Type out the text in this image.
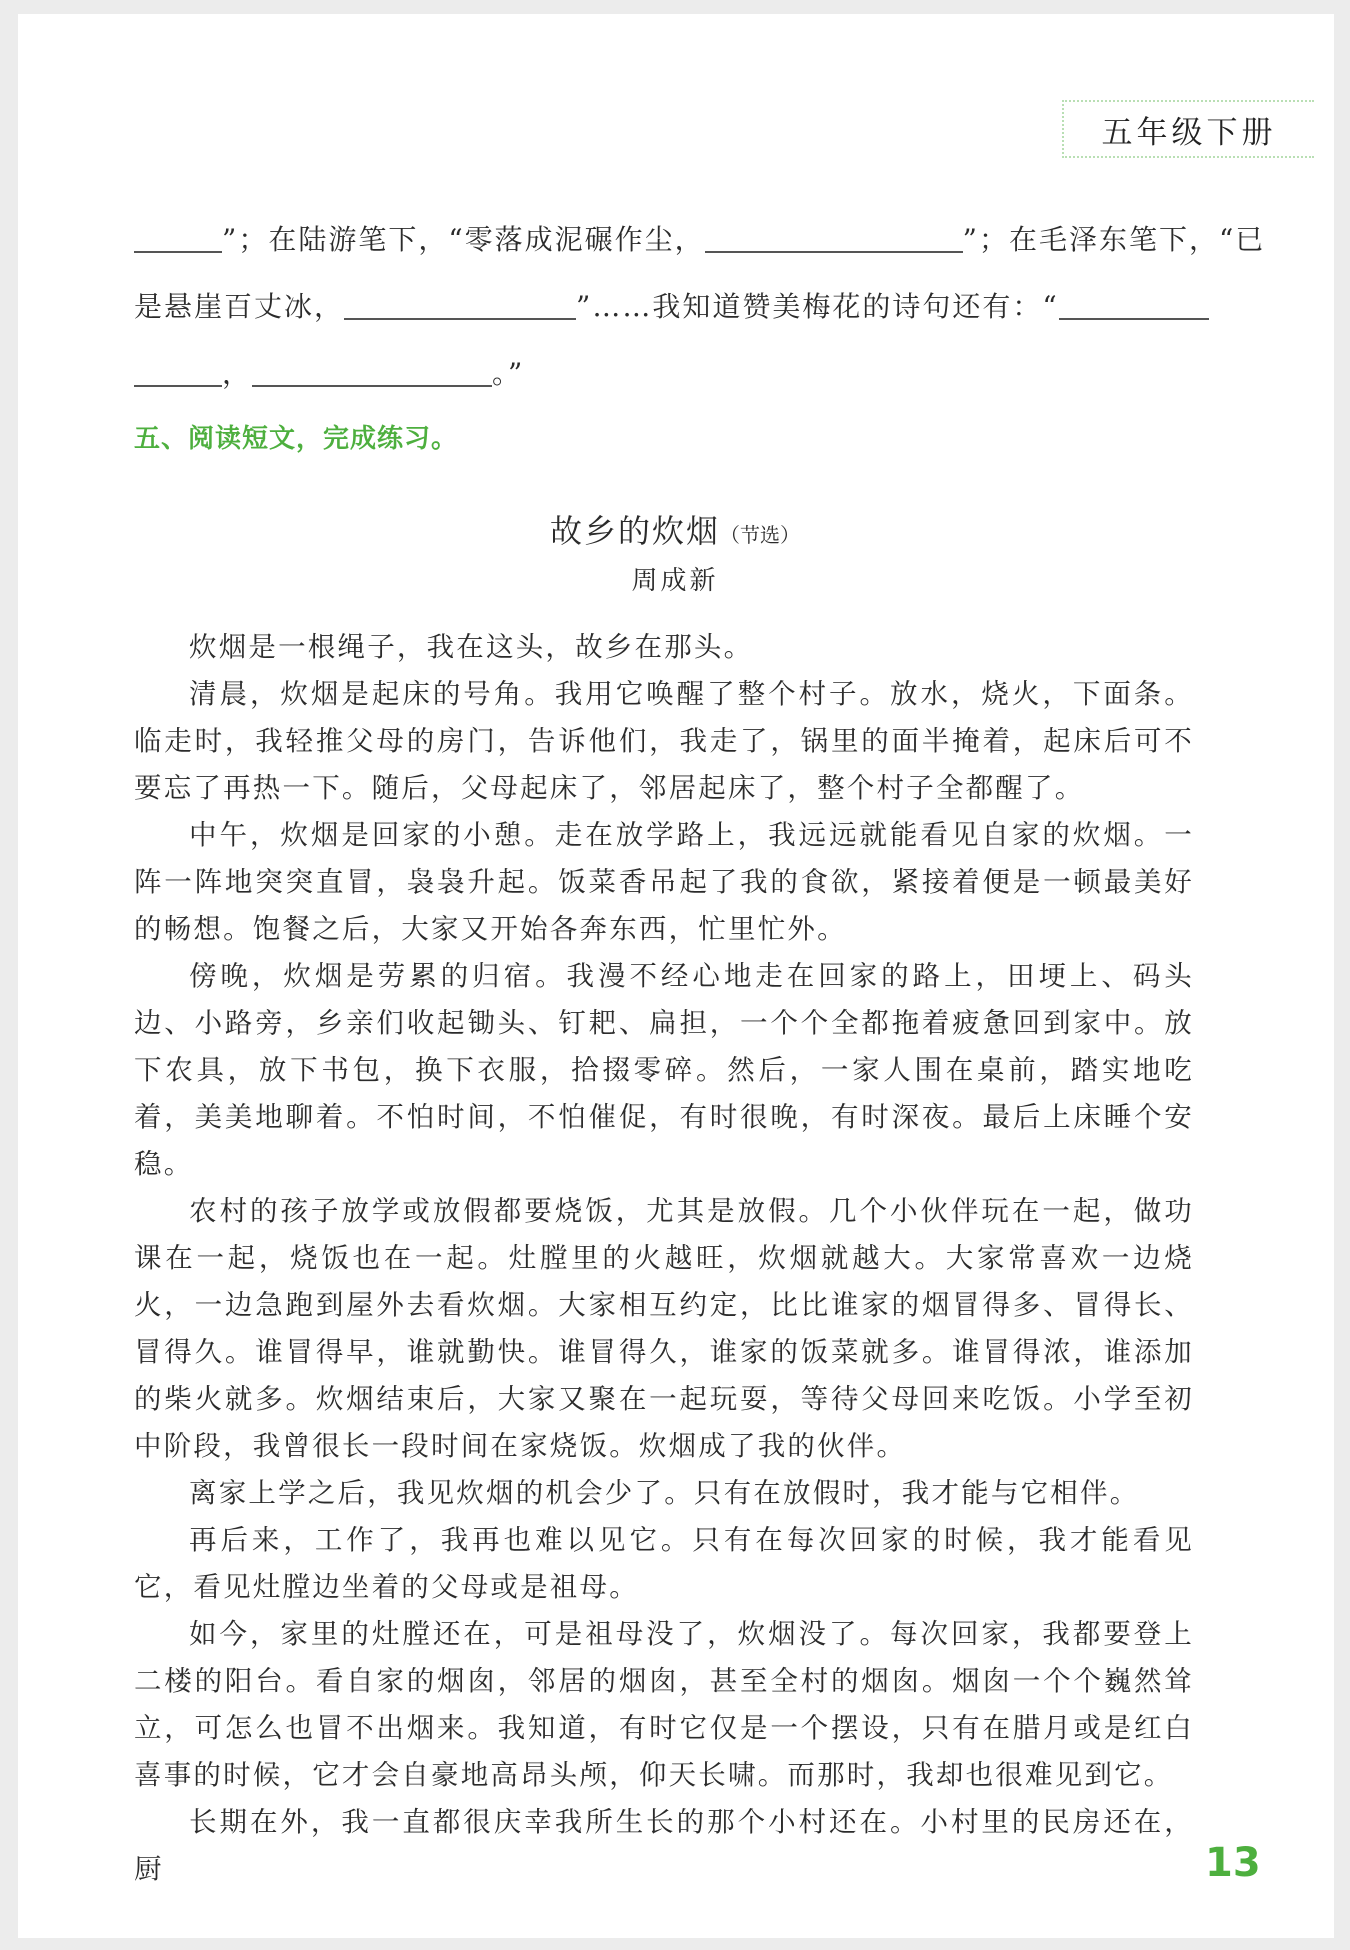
五年级下册
”；在陆游笔下，“零落成泥碾作尘，	”；在毛泽东笔下，“已
是悬崖百丈冰，	”……我知道赞美梅花的诗句还有：“
，	。”
五、阅读短文，完成练习。
故乡的炊烟（节选）
周成新

炊烟是一根绳子，我在这头，故乡在那头。

清晨，炊烟是起床的号角。我用它唤醒了整个村子。放水，烧火，下面条。临走时，我轻推父母的房门，告诉他们，我走了，锅里的面半掩着，起床后可不要忘了再热一下。随后，父母起床了，邻居起床了，整个村子全都醒了。

中午，炊烟是回家的小憩。走在放学路上，我远远就能看见自家的炊烟。一阵一阵地突突直冒，袅袅升起。饭菜香吊起了我的食欲，紧接着便是一顿最美好的畅想。饱餐之后，大家又开始各奔东西，忙里忙外。

傍晚，炊烟是劳累的归宿。我漫不经心地走在回家的路上，田埂上、码头边、小路旁，乡亲们收起锄头、钉耙、扁担，一个个全都拖着疲惫回到家中。放下农具，放下书包，换下衣服，拾掇零碎。然后，一家人围在桌前，踏实地吃着，美美地聊着。不怕时间，不怕催促，有时很晚，有时深夜。最后上床睡个安稳。

农村的孩子放学或放假都要烧饭，尤其是放假。几个小伙伴玩在一起，做功课在一起，烧饭也在一起。灶膛里的火越旺，炊烟就越大。大家常喜欢一边烧火，一边急跑到屋外去看炊烟。大家相互约定，比比谁家的烟冒得多、冒得长、冒得久。谁冒得早，谁就勤快。谁冒得久，谁家的饭菜就多。谁冒得浓，谁添加的柴火就多。炊烟结束后，大家又聚在一起玩耍，等待父母回来吃饭。小学至初中阶段，我曾很长一段时间在家烧饭。炊烟成了我的伙伴。

离家上学之后，我见炊烟的机会少了。只有在放假时，我才能与它相伴。

再后来，工作了，我再也难以见它。只有在每次回家的时候，我才能看见它，看见灶膛边坐着的父母或是祖母。

如今，家里的灶膛还在，可是祖母没了，炊烟没了。每次回家，我都要登上二楼的阳台。看自家的烟囱，邻居的烟囱，甚至全村的烟囱。烟囱一个个巍然耸立，可怎么也冒不出烟来。我知道，有时它仅是一个摆设，只有在腊月或是红白喜事的时候，它才会自豪地高昂头颅，仰天长啸。而那时，我却也很难见到它。

长期在外，我一直都很庆幸我所生长的那个小村还在。小村里的民房还在，厨	13
